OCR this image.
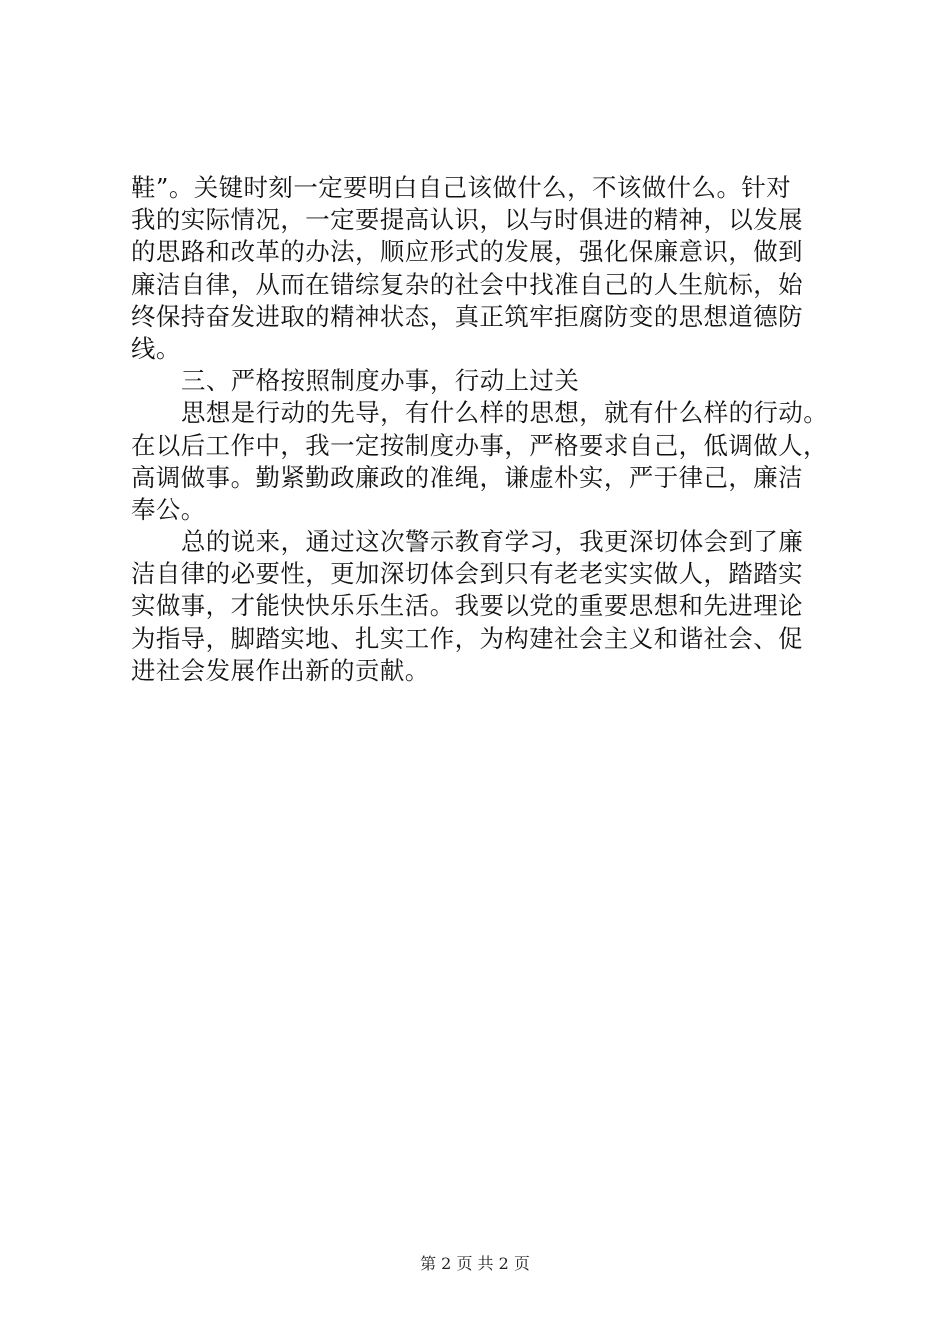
鞋”。关键时刻一定要明白自己该做什么，不该做什么。针对
我的实际情况，一定要提高认识，以与时俱进的精神，以发展
的思路和改革的办法，顺应形式的发展，强化保廉意识，做到
廉洁自律，从而在错综复杂的社会中找准自己的人生航标，始
终保持奋发进取的精神状态，真正筑牢拒腐防变的思想道德防
线。
三、严格按照制度办事，行动上过关
思想是行动的先导，有什么样的思想，就有什么样的行动。
在以后工作中，我一定按制度办事，严格要求自己，低调做人，
高调做事。勤紧勤政廉政的准绳，谦虚朴实，严于律己，廉洁
奉公。
总的说来，通过这次警示教育学习，我更深切体会到了廉
洁自律的必要性，更加深切体会到只有老老实实做人，踏踏实
实做事，才能快快乐乐生活。我要以党的重要思想和先进理论
为指导，脚踏实地、扎实工作，为构建社会主义和谐社会、促
进社会发展作出新的贡献。
第 2 页 共 2 页
